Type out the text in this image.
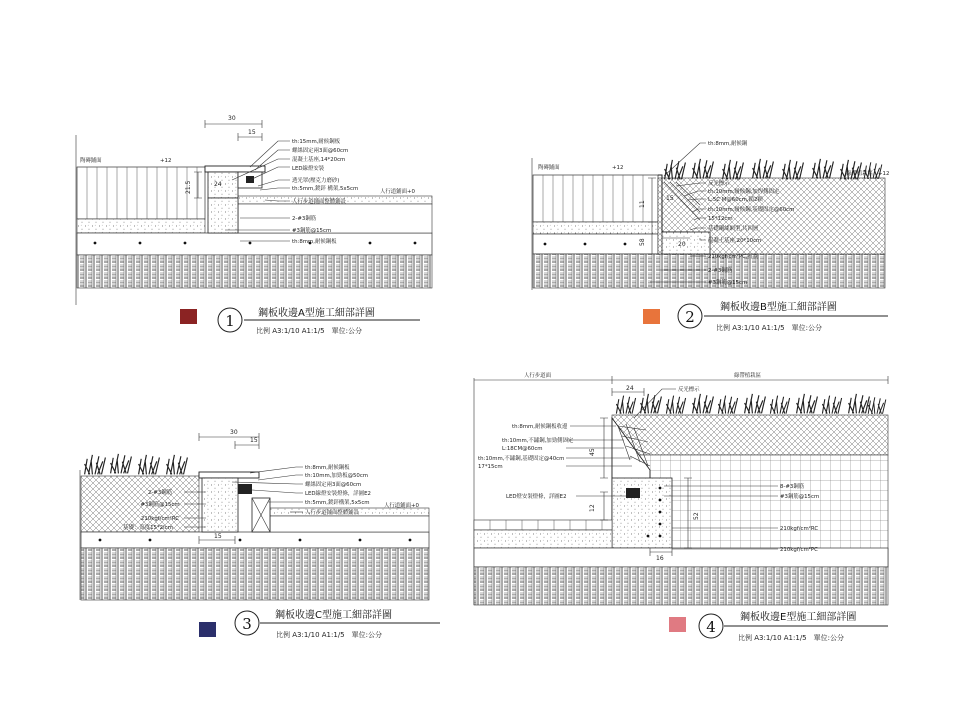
30
15
24
21.5
陶磚鋪面	+12
人行道鋪面+0
th:15mm,耐候鋼板
螺絲固定兩3面@60cm
混凝土基座,14*20cm
LED線燈安裝
透光罩(壓克力磨砂)
th:5mm,鍍鋅 構架,5x5cm
人行步道鋪面整體鋪設
2-#3鋼筋
#3鋼筋@15cm
th:8mm,耐候鋼板
1 鋼板收邊A型施工細部詳圖
比例 A3:1/10 A1:1/5　單位:公分
11
15
58	20
陶磚鋪面	+12
綠帶植栽區 +12
th:8mm,耐候鋼
反光標示
th:10mm,耐候鋼,加焊側固定
L:5C M@60cm,鎖2顆
th:10mm,耐候鋼,基礎固定@60cm
15*12cm
基礎鋼絲網型,共四層
混凝土基座,20*10cm
210kgf/cm²PC,打底
2-#3鋼筋
#3鋼筋@15cm
2
鋼板收邊B型施工細部詳圖
比例 A3:1/10 A1:1/5　單位:公分
30
15
15
人行道鋪面+0
2-#3鋼筋
#3鋼筋@15cm
210kgf/cm²RC
基礎：高度15*2lcm
th:8mm,耐候鋼板
th:10mm,加勁板@50cm
螺絲固定兩3面@60cm
LED線燈安裝燈條，詳圖E2
th:5mm,鍍鋅構架,5x5cm
人行步道鋪面整體鋪設
3 鋼板收邊C型施工細部詳圖
比例 A3:1/10 A1:1/5　單位:公分
人行步道面	綠帶植栽區
24
45
12
52
16
反光標示
th:8mm,耐候鋼板收邊
th:10mm,不鏽鋼,加勁側固定
L:18CM@60cm
th:10mm,不鏽鋼,基礎固定@40cm
17*15cm
LED燈安裝燈條，詳圖E2
8-#3鋼筋
#3鋼筋@15cm
210kgf/cm²RC
210kgf/cm²PC
4
鋼板收邊E型施工細部詳圖
比例 A3:1/10 A1:1/5　單位:公分
